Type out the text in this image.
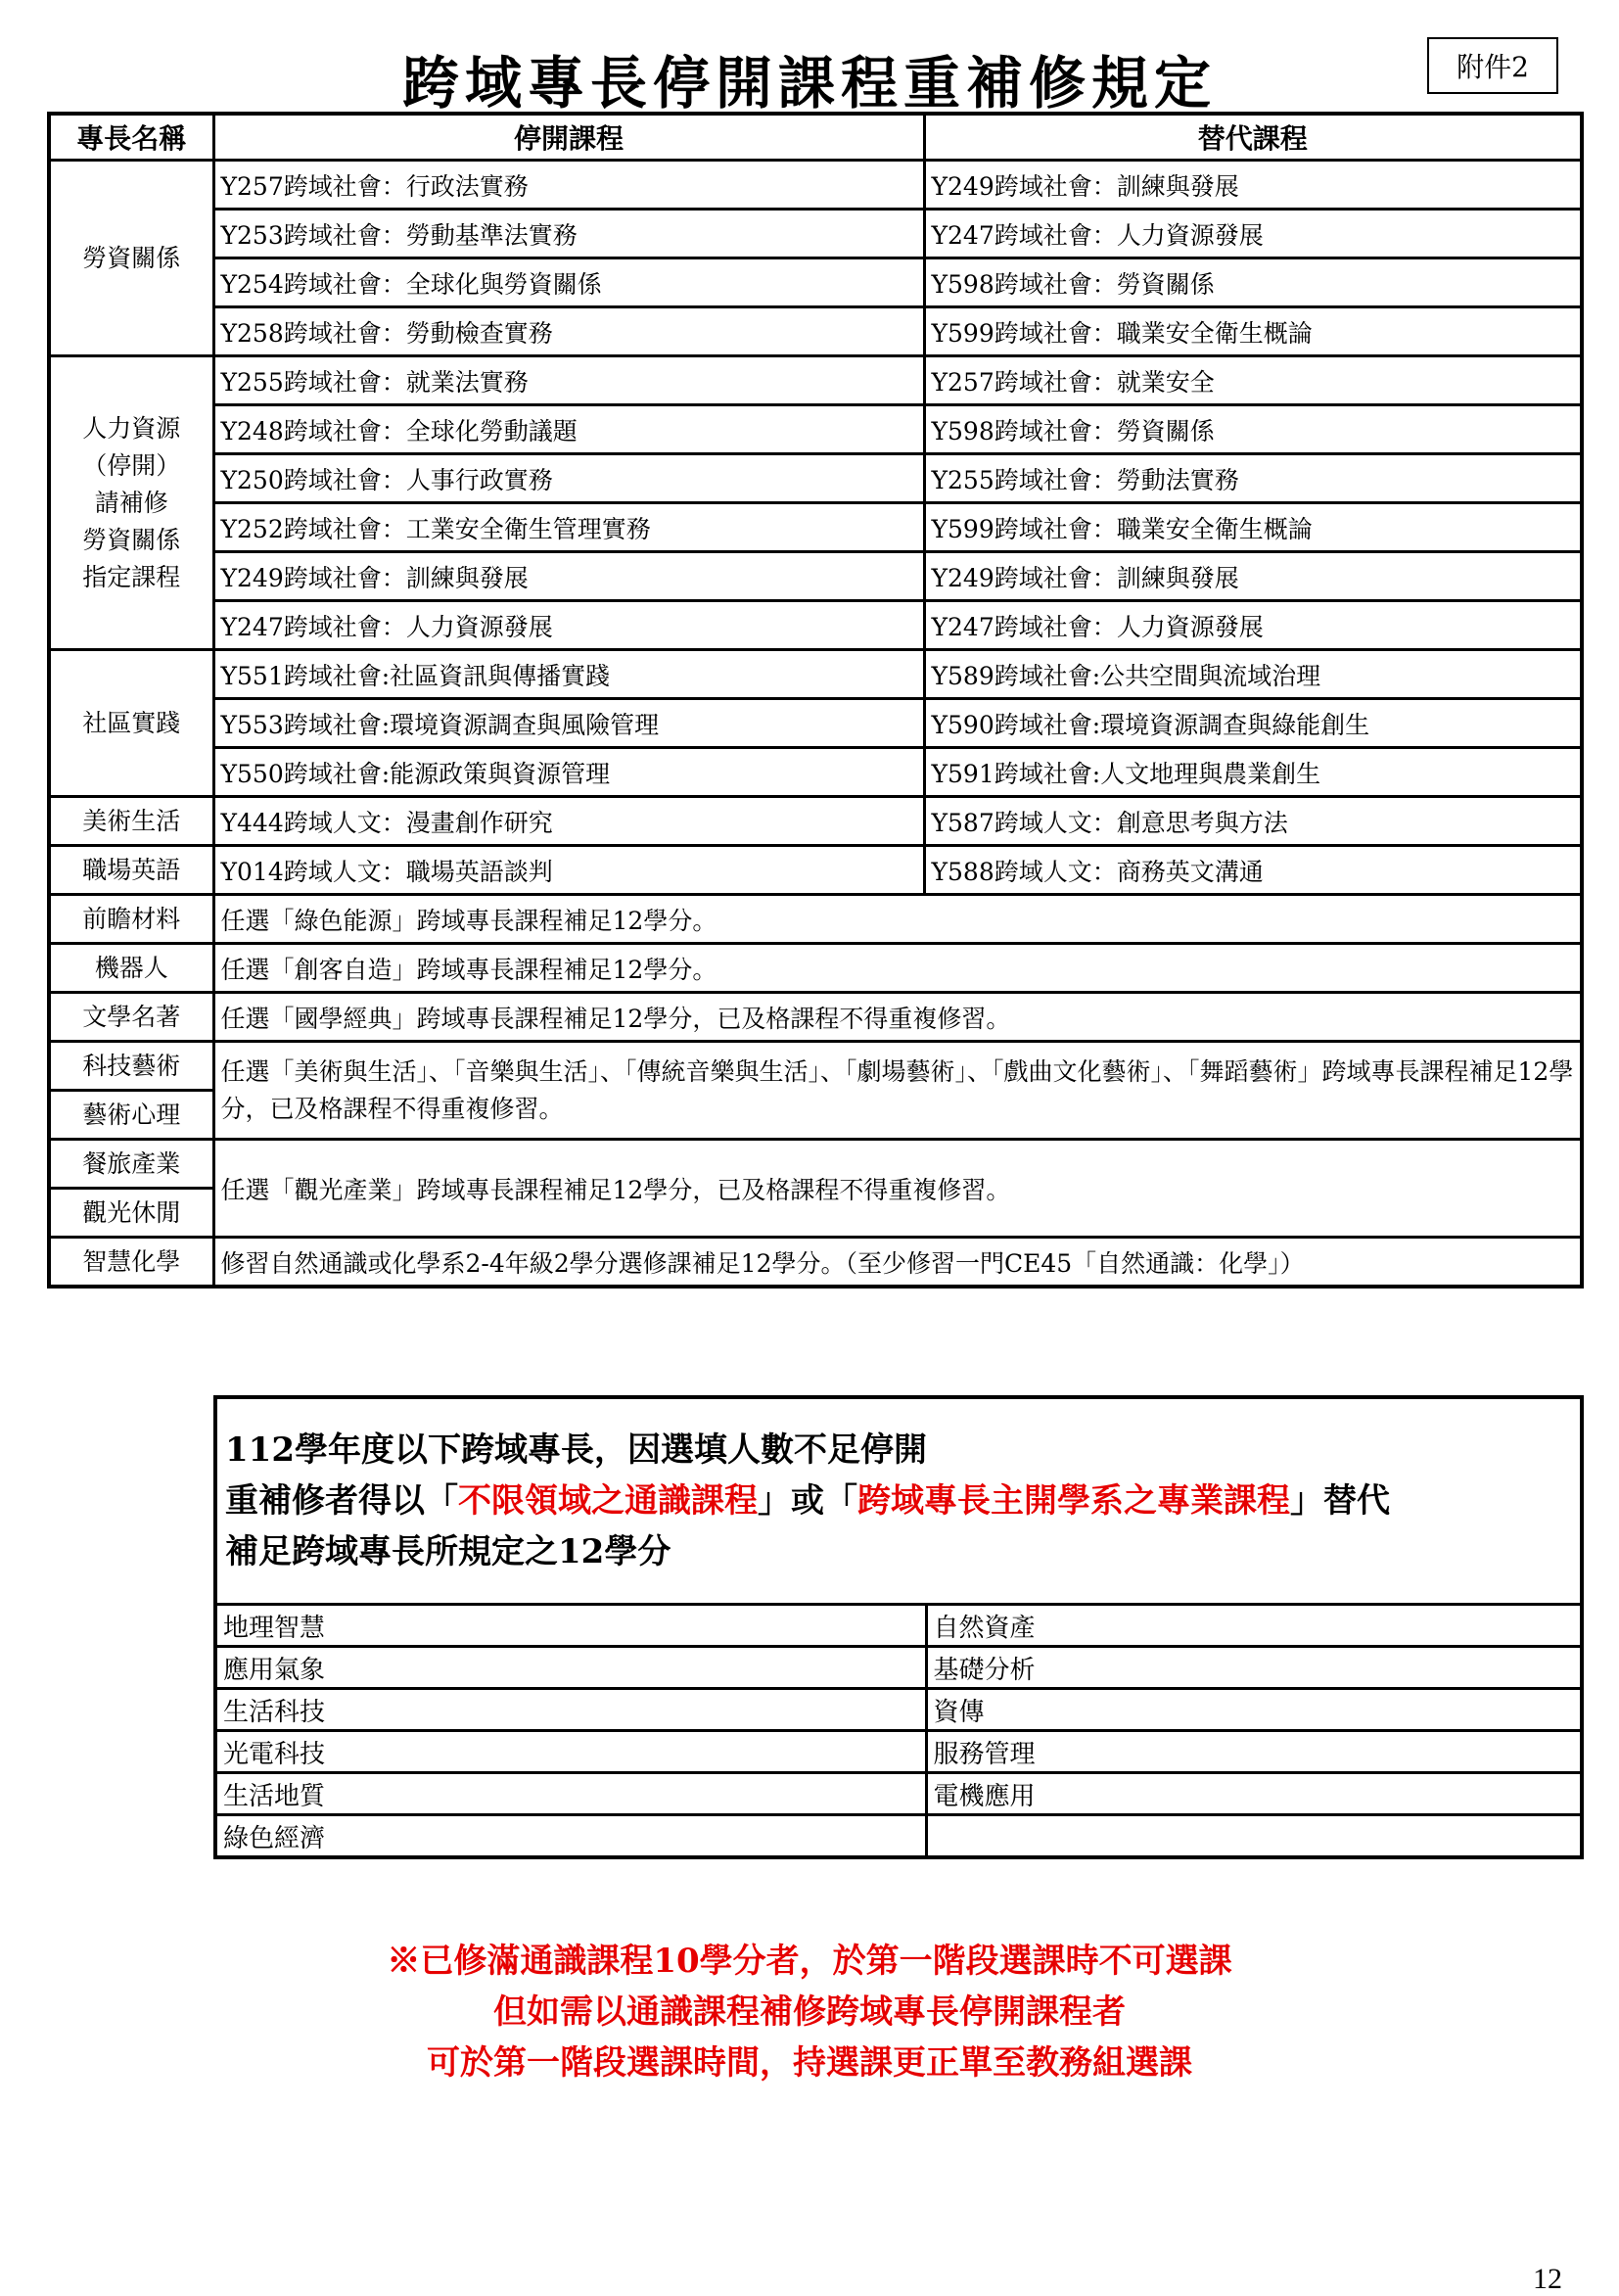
跨域專長停開課程重補修規定	附件2
專長名稱	停開課程	替代課程
勞資關係	Y257跨域社會：行政法實務	Y249跨域社會：訓練與發展
	Y253跨域社會：勞動基準法實務	Y247跨域社會：人力資源發展
	Y254跨域社會：全球化與勞資關係	Y598跨域社會：勞資關係
	Y258跨域社會：勞動檢查實務	Y599跨域社會：職業安全衛生概論

人力資源
（停開）
請補修
勞資關係
指定課程	Y255跨域社會：就業法實務	Y257跨域社會：就業安全
	Y248跨域社會：全球化勞動議題	Y598跨域社會：勞資關係
	Y250跨域社會：人事行政實務	Y255跨域社會：勞動法實務
	Y252跨域社會：工業安全衛生管理實務	Y599跨域社會：職業安全衛生概論
	Y249跨域社會：訓練與發展	Y249跨域社會：訓練與發展
	Y247跨域社會：人力資源發展	Y247跨域社會：人力資源發展
社區實踐	Y551跨域社會:社區資訊與傳播實踐	Y589跨域社會:公共空間與流域治理
	Y553跨域社會:環境資源調查與風險管理	Y590跨域社會:環境資源調查與綠能創生
	Y550跨域社會:能源政策與資源管理	Y591跨域社會:人文地理與農業創生
美術生活	Y444跨域人文：漫畫創作研究	Y587跨域人文：創意思考與方法
職場英語	Y014跨域人文：職場英語談判	Y588跨域人文：商務英文溝通
前瞻材料	任選「綠色能源」跨域專長課程補足12學分。	
機器人	任選「創客自造」跨域專長課程補足12學分。	
文學名著	任選「國學經典」跨域專長課程補足12學分，已及格課程不得重複修習。	
科技藝術	任選「美術與生活」、「音樂與生活」、「傳統音樂與生活」、「劇場藝術」、「戲曲文化藝術」、「舞蹈藝術」跨域專長課程補足12學分，已及格課程不得重複修習。	
藝術心理		
餐旅產業	任選「觀光產業」跨域專長課程補足12學分，已及格課程不得重複修習。	
觀光休閒		
智慧化學	修習自然通識或化學系2-4年級2學分選修課補足12學分。（至少修習一門CE45「自然通識：化學」）	
112學年度以下跨域專長，因選填人數不足停開
重補修者得以「不限領域之通識課程」或「跨域專長主開學系之專業課程」替代
補足跨域專長所規定之12學分	

地理智慧	自然資產
應用氣象	基礎分析
生活科技	資傳
光電科技	服務管理
生活地質	電機應用
綠色經濟	
※已修滿通識課程10學分者，於第一階段選課時不可選課
但如需以通識課程補修跨域專長停開課程者
可於第一階段選課時間，持選課更正單至教務組選課
12
